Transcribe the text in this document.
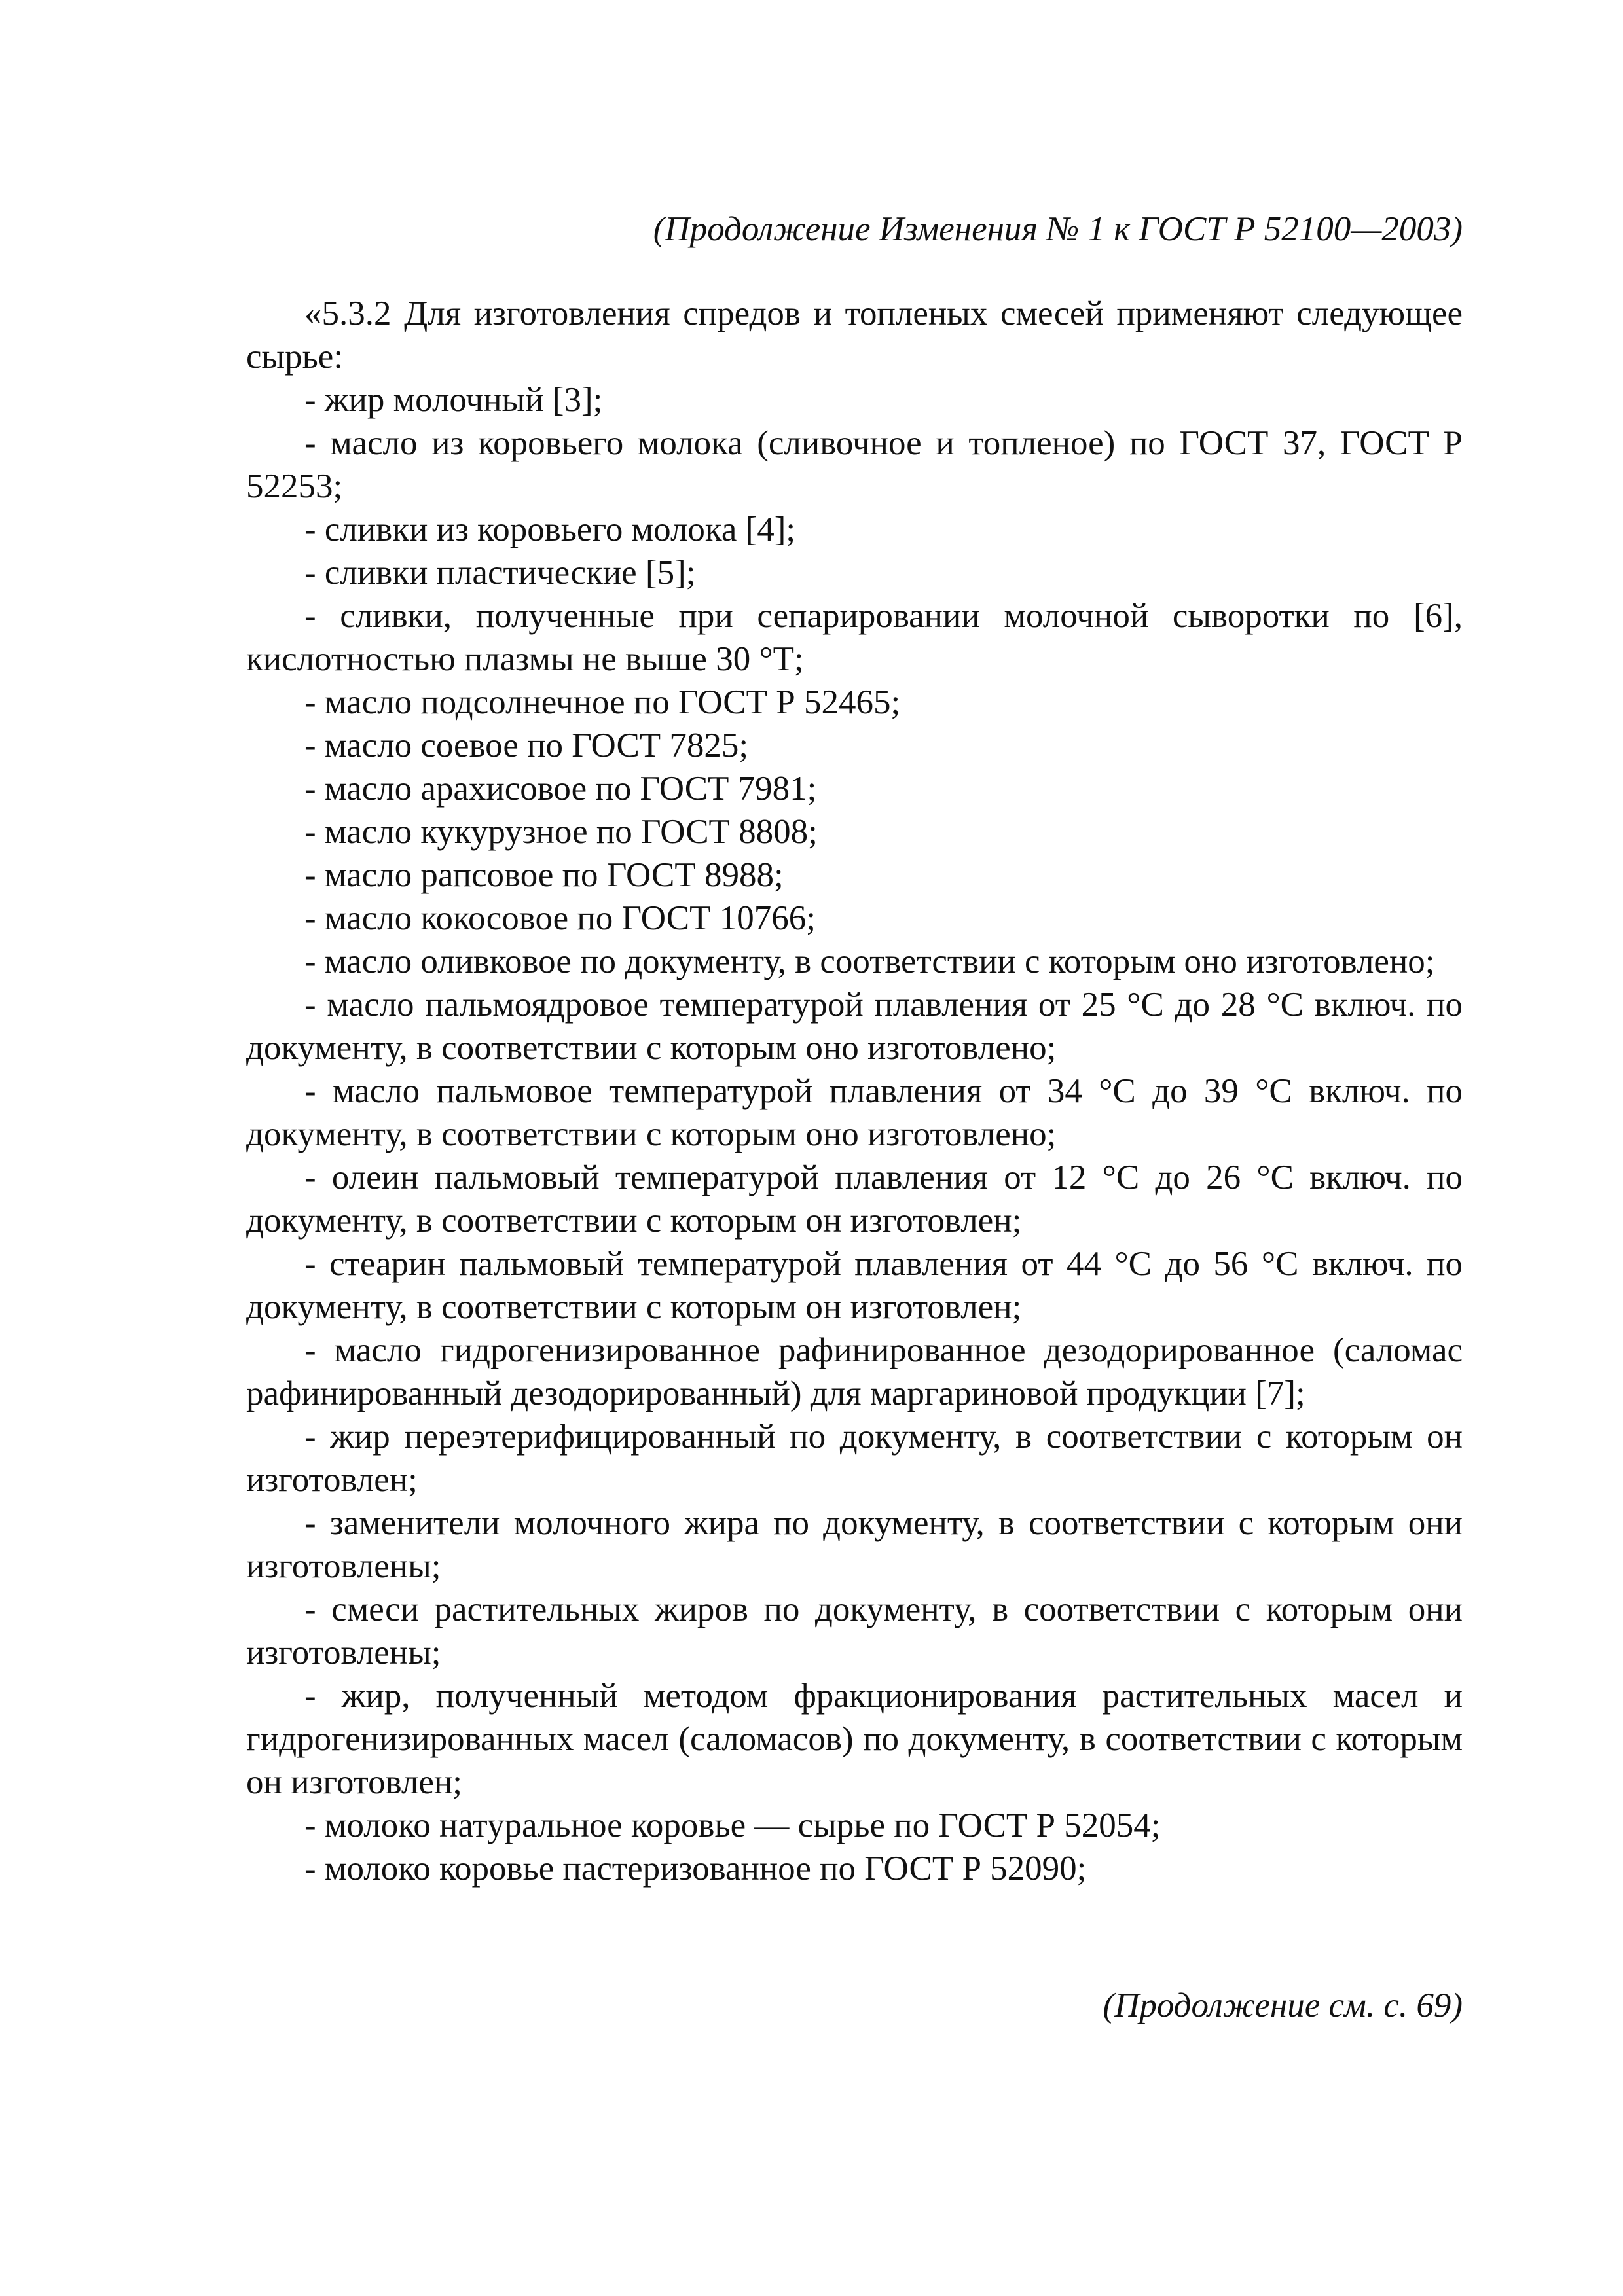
(Продолжение Изменения № 1 к ГОСТ Р 52100—2003)

«5.3.2 Для изготовления спредов и топленых смесей применяют следующее сырье:

- жир молочный [3];

- масло из коровьего молока (сливочное и топленое) по ГОСТ 37, ГОСТ Р 52253;

- сливки из коровьего молока [4];

- сливки пластические [5];

- сливки, полученные при сепарировании молочной сыворотки по [6], кислотностью плазмы не выше 30 °Т;

- масло подсолнечное по ГОСТ Р 52465;

- масло соевое по ГОСТ 7825;

- масло арахисовое по ГОСТ 7981;

- масло кукурузное по ГОСТ 8808;

- масло рапсовое по ГОСТ 8988;

- масло кокосовое по ГОСТ 10766;

- масло оливковое по документу, в соответствии с которым оно изготовлено;

- масло пальмоядровое температурой плавления от 25 °С до 28 °С включ. по документу, в соответствии с которым оно изготовлено;

- масло пальмовое температурой плавления от 34 °С до 39 °С включ. по документу, в соответствии с которым оно изготовлено;

- олеин пальмовый температурой плавления от 12 °С до 26 °С включ. по документу, в соответствии с которым он изготовлен;

- стеарин пальмовый температурой плавления от 44 °С до 56 °С включ. по документу, в соответствии с которым он изготовлен;

- масло гидрогенизированное рафинированное дезодорированное (саломас рафинированный дезодорированный) для маргариновой продукции [7];

- жир переэтерифицированный по документу, в соответствии с которым он изготовлен;

- заменители молочного жира по документу, в соответствии с которым они изготовлены;

- смеси растительных жиров по документу, в соответствии с которым они изготовлены;

- жир, полученный методом фракционирования растительных масел и гидрогенизированных масел (саломасов) по документу, в соответствии с которым он изготовлен;

- молоко натуральное коровье — сырье по ГОСТ Р 52054;

- молоко коровье пастеризованное по ГОСТ Р 52090;

(Продолжение см. с. 69)
